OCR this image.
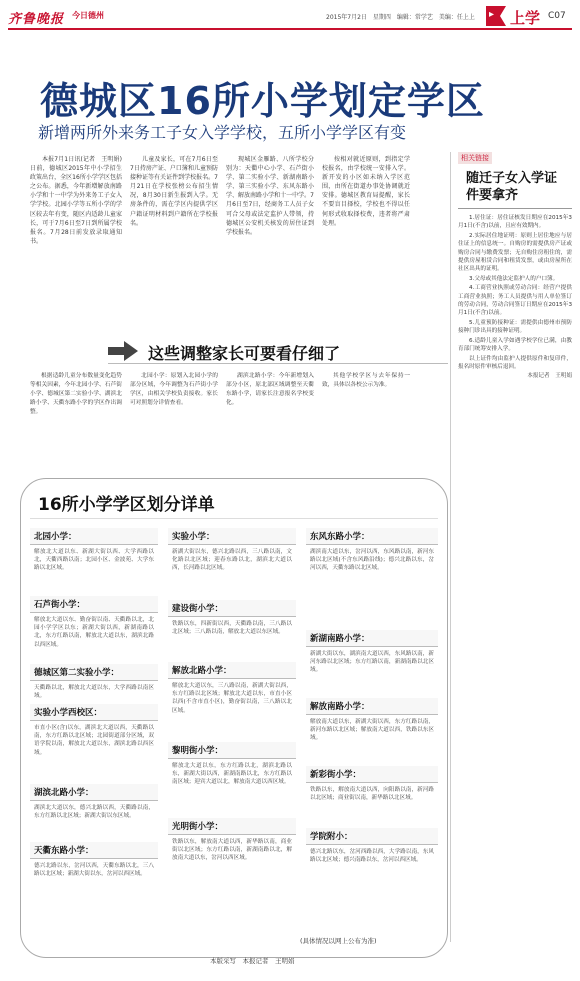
齐鲁晚报 今日德州	2015年7月2日　星期四　编辑：常学艺　美编：任上上 ▸ 上学 C07
德城区16所小学划定学区
新增两所外来务工子女入学学校，五所小学学区有变

本报7月1日讯(记者　王明娟)　日前，德城区2015年中小学招生政策出台，全区16所小学学区包括之公布。据悉，今年新增解放南路小学和十一中学为外来务工子女入学学校。北园小学等五所小学的学区较去年有变，随区内适龄儿童家长，可于7月6日至7日到所属学校报名。7月28日前发放录取通知书。

儿童及家长，可在7月6日至7日持房产证、户口簿和儿童预防接种证等有关证件到学校报名。7月21日在学校张榜公布招生情况，8月30日新生报到入学。无房条件的，需在学区内提供学区户籍证明材料到户籍所在学校报名。

现城区金雁路、八所学校分别为：天衢中心小学、石芦街小学、第二实验小学、新湖南路小学、第三实验小学、东风东路小学、解放南路小学和十一中学。7月6日至7日，经商务工人员子女可合父母或法定监护人带领，持德城区公安机关核发的居住证到学校报名。

按相对就近原则，到指定学校报名，由学校统一安排入学。新开发的小区如未纳入学区范围，由所在街道办事处协调就近安排。德城区教育局提醒，家长不要盲目择校，学校也不得以任何形式收取择校费，违者将严肃处理。

这些调整家长可要看仔细了

根据适龄儿童分布数量变化趋势等相关因素，今年北园小学、石芦街小学、德城区第二实验小学、湖滨北路小学、天衢东路小学的学区作出调整。

北园小学：原划入北园小学的部分区域，今年调整为石芦街小学学区，由相关学校负责接收。家长可对照划分详情查看。

湖滨北路小学：今年新增划入部分小区，原北部区域调整至天衢东路小学，请家长注意报名学校变化。

其他学校学区与去年保持一致，具体以各校公示为准。

16所小学学区划分详单
北园小学：
解放北大道以东、新湖大街以西、大学西路以北，天衢西路以南；北园小区、金波苑、大学东路以北区域。
石芦街小学：
解放北大道以东、勤奋街以南、天衢路以北，北园小学学区以东；新湖大街以西，新湖南路以北，东方红路以南，解放北大道以东，湖滨北路以西区域。
德城区第二实验小学：
天衢路以北，解放北大道以东，大学西路以南区域。
实验小学西校区：
市直小区(含)以东，湖滨北大道以西，天衢路以南，东方红路以北区域；北园街道部分区域，双语学院以南，解放北大道以东，湖滨北路以西区域。
湖滨北路小学：
湖滨北大道以东，德兴北路以西，天衢路以南，东方红路以北区域；新湖大街以东区域。
天衢东路小学：
德兴北路以东，岔河以西，天衢东路以北，三八路以北区域；新湖大街以东，岔河以西区域。
实验小学：
新湖大街以东，德兴北路以西，三八路以南，文化路以北区域；迎春东路以北，湖滨北大道以西，长河路以北区域。
建设街小学：
铁路以东，四新街以西，天衢路以南，三八路以北区域；三八路以南，解放北大道以东区域。
解放北路小学：
解放北大道以东，三八路以南，新湖大街以西，东方红路以北区域；解放北大道以东，市直小区以西(不含市直小区)，勤奋街以南，三八路以北区域。
黎明街小学：
解放北大道以东，东方红路以北，湖滨北路以东，新湖大街以西，新湖南路以北，东方红路以南区域；迎宾大道以北，解放南大道以西区域。
光明街小学：
铁路以东，解放南大道以西，新华路以南，商业街以北区域；东方红路以南，新湖南路以北，解放南大道以东，岔河以西区域。
东风东路小学：
湖滨南大道以东，岔河以西，东风路以南，新河东路以北区域(不含东风路沿线)；德兴北路以东，岔河以西，天衢东路以北区域。
新湖南路小学：
新湖大街以东，湖滨南大道以西，东风路以南，新河东路以北区域；东方红路以南，新湖南路以北区域。
解放南路小学：
解放南大道以东，新湖大街以西，东方红路以南，新河东路以北区域；解放南大道以西，铁路以东区域。
新彩街小学：
铁路以东，解放南大道以西，向阳路以南，新河路以北区域；商业街以南，新华路以北区域。
学院附小：
德兴北路以东，岔河西路以西，大学路以南，东风路以北区域；德兴南路以东，岔河以西区域。
(具体情况以网上公布为准)
本版采写　本报记者　王明娟
相关链接
随迁子女入学证件要拿齐

1.居住证：居住证核发日期应在2015年3月1日(不含)以前，且应有效期内。

2.实际居住地证明：原则上居住地应与居住证上的信息统一。自购房的需提供房产证或购房合同与缴费发票；无自购住房租住的，需提供房屋租赁合同和租赁发票，或由房屋所在社区出具的证明。

3.父母或其他法定监护人的户口簿。

4.工商营业执照或劳动合同：经营户提供工商营业执照；务工人员提供与用人单位签订的劳动合同，劳动合同签订日期应在2015年3月1日(不含)以前。

5.儿童预防接种证：需提供由德州市预防接种门诊出具的接种证明。

6.适龄儿童入学如遇学校学位已满，由教育部门统筹安排入学。

以上证件均由监护人提供原件和复印件，报名时原件审核后退回。

本报记者　王明娟
